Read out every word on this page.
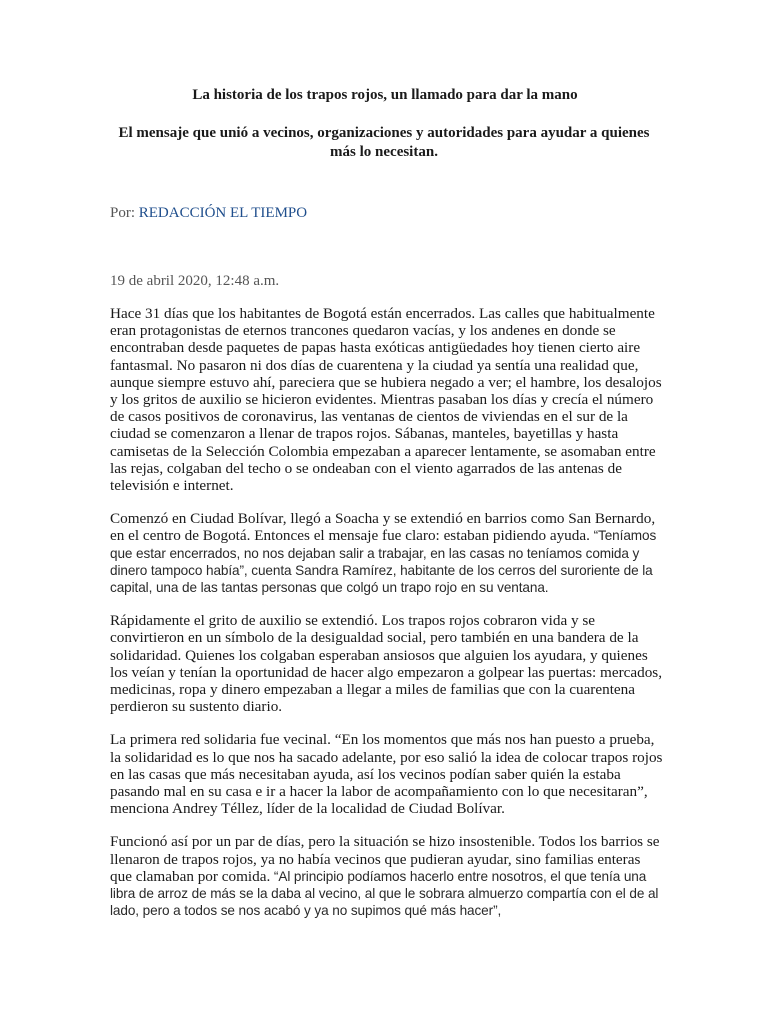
La historia de los trapos rojos, un llamado para dar la mano
El mensaje que unió a vecinos, organizaciones y autoridades para ayudar a quienes más lo necesitan.

Por: REDACCIÓN EL TIEMPO

19 de abril 2020, 12:48 a.m.

Hace 31 días que los habitantes de Bogotá están encerrados. Las calles que habitualmente eran protagonistas de eternos trancones quedaron vacías, y los andenes en donde se encontraban desde paquetes de papas hasta exóticas antigüedades hoy tienen cierto aire fantasmal. No pasaron ni dos días de cuarentena y la ciudad ya sentía una realidad que, aunque siempre estuvo ahí, pareciera que se hubiera negado a ver; el hambre, los desalojos y los gritos de auxilio se hicieron evidentes. Mientras pasaban los días y crecía el número de casos positivos de coronavirus, las ventanas de cientos de viviendas en el sur de la ciudad se comenzaron a llenar de trapos rojos. Sábanas, manteles, bayetillas y hasta camisetas de la Selección Colombia empezaban a aparecer lentamente, se asomaban entre las rejas, colgaban del techo o se ondeaban con el viento agarrados de las antenas de televisión e internet.

Comenzó en Ciudad Bolívar, llegó a Soacha y se extendió en barrios como San Bernardo, en el centro de Bogotá. Entonces el mensaje fue claro: estaban pidiendo ayuda. “Teníamos que estar encerrados, no nos dejaban salir a trabajar, en las casas no teníamos comida y dinero tampoco había”, cuenta Sandra Ramírez, habitante de los cerros del suroriente de la capital, una de las tantas personas que colgó un trapo rojo en su ventana.

Rápidamente el grito de auxilio se extendió. Los trapos rojos cobraron vida y se convirtieron en un símbolo de la desigualdad social, pero también en una bandera de la solidaridad. Quienes los colgaban esperaban ansiosos que alguien los ayudara, y quienes los veían y tenían la oportunidad de hacer algo empezaron a golpear las puertas: mercados, medicinas, ropa y dinero empezaban a llegar a miles de familias que con la cuarentena perdieron su sustento diario.

La primera red solidaria fue vecinal. “En los momentos que más nos han puesto a prueba, la solidaridad es lo que nos ha sacado adelante, por eso salió la idea de colocar trapos rojos en las casas que más necesitaban ayuda, así los vecinos podían saber quién la estaba pasando mal en su casa e ir a hacer la labor de acompañamiento con lo que necesitaran”, menciona Andrey Téllez, líder de la localidad de Ciudad Bolívar.

Funcionó así por un par de días, pero la situación se hizo insostenible. Todos los barrios se llenaron de trapos rojos, ya no había vecinos que pudieran ayudar, sino familias enteras que clamaban por comida. “Al principio podíamos hacerlo entre nosotros, el que tenía una libra de arroz de más se la daba al vecino, al que le sobrara almuerzo compartía con el de al lado, pero a todos se nos acabó y ya no supimos qué más hacer”,
